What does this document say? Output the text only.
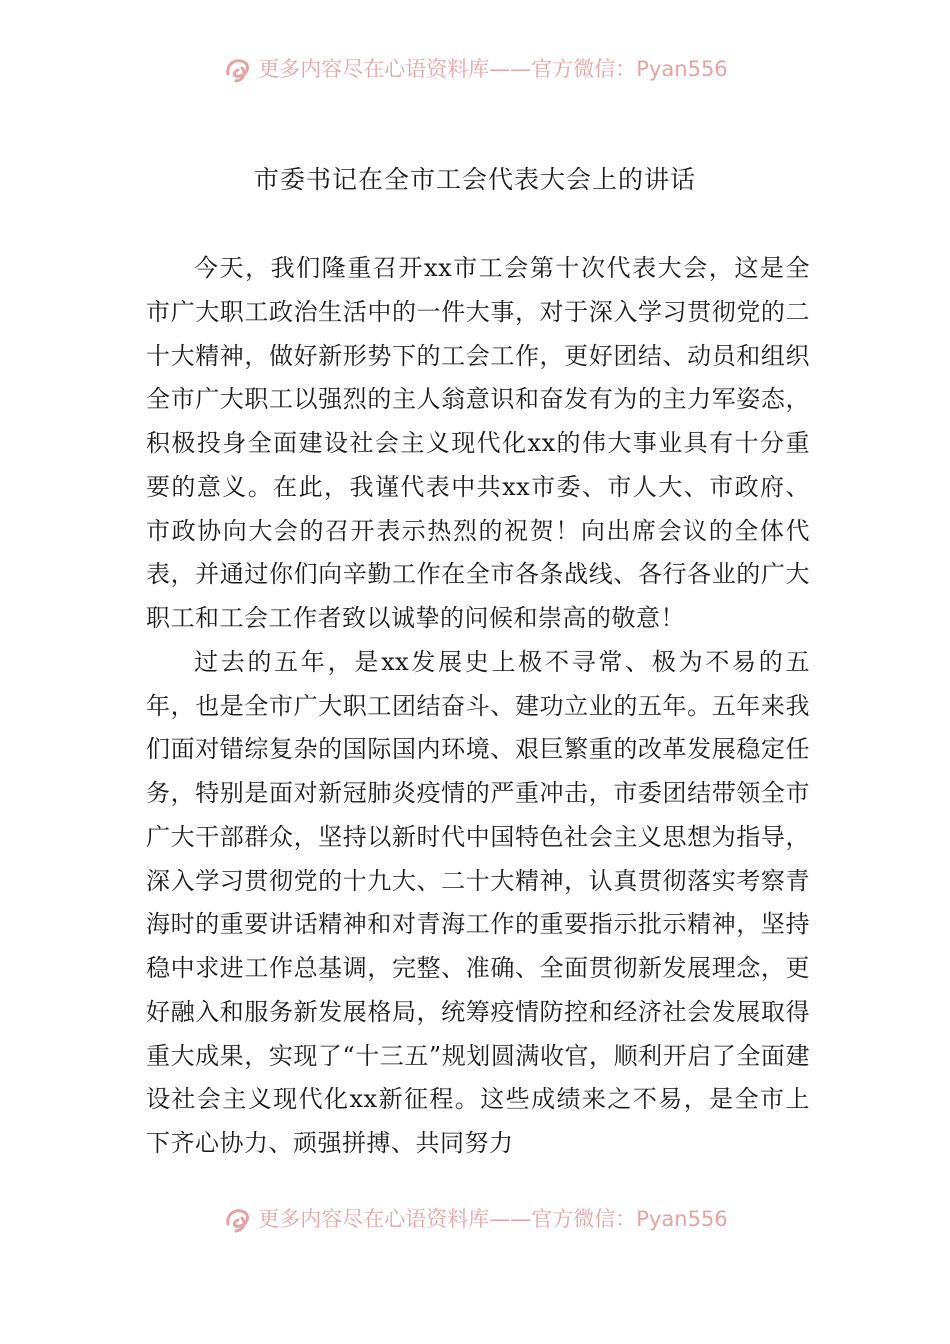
更多内容尽在心语资料库——官方微信：Pyan556
市委书记在全市工会代表大会上的讲话

今天，我们隆重召开xx市工会第十次代表大会，这是全市广大职工政治生活中的一件大事，对于深入学习贯彻党的二十大精神，做好新形势下的工会工作，更好团结、动员和组织全市广大职工以强烈的主人翁意识和奋发有为的主力军姿态，积极投身全面建设社会主义现代化xx的伟大事业具有十分重要的意义。在此，我谨代表中共xx市委、市人大、市政府、市政协向大会的召开表示热烈的祝贺！向出席会议的全体代表，并通过你们向辛勤工作在全市各条战线、各行各业的广大职工和工会工作者致以诚挚的问候和崇高的敬意！

过去的五年，是xx发展史上极不寻常、极为不易的五年，也是全市广大职工团结奋斗、建功立业的五年。五年来我们面对错综复杂的国际国内环境、艰巨繁重的改革发展稳定任务，特别是面对新冠肺炎疫情的严重冲击，市委团结带领全市广大干部群众，坚持以新时代中国特色社会主义思想为指导，深入学习贯彻党的十九大、二十大精神，认真贯彻落实考察青海时的重要讲话精神和对青海工作的重要指示批示精神，坚持稳中求进工作总基调，完整、准确、全面贯彻新发展理念，更好融入和服务新发展格局，统筹疫情防控和经济社会发展取得重大成果，实现了“十三五”规划圆满收官，顺利开启了全面建设社会主义现代化xx新征程。这些成绩来之不易，是全市上下齐心协力、顽强拼搏、共同努力

更多内容尽在心语资料库——官方微信：Pyan556
